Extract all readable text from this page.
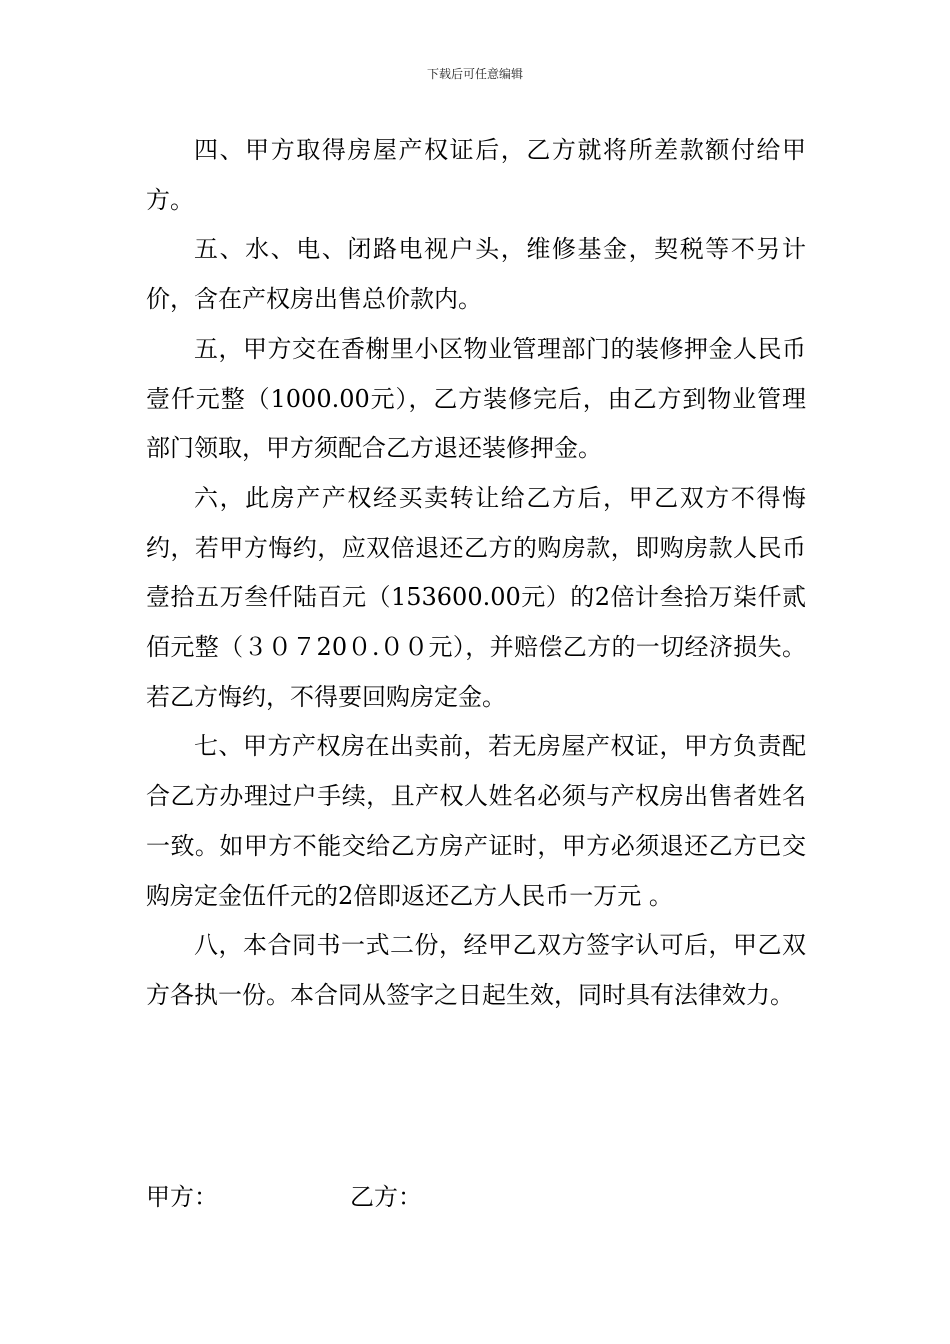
下载后可任意编辑

四、甲方取得房屋产权证后，乙方就将所差款额付给甲方。

五、水、电、闭路电视户头，维修基金，契税等不另计价，含在产权房出售总价款内。

五，甲方交在香榭里小区物业管理部门的装修押金人民币壹仟元整（1000.00元），乙方装修完后，由乙方到物业管理部门领取，甲方须配合乙方退还装修押金。

六，此房产产权经买卖转让给乙方后，甲乙双方不得悔约，若甲方悔约，应双倍退还乙方的购房款，即购房款人民币壹拾五万叁仟陆百元（153600.00元）的2倍计叁拾万柒仟贰佰元整（３０７20０.００元），并赔偿乙方的一切经济损失。若乙方悔约，不得要回购房定金。

七、甲方产权房在出卖前，若无房屋产权证，甲方负责配合乙方办理过户手续，且产权人姓名必须与产权房出售者姓名一致。如甲方不能交给乙方房产证时，甲方必须退还乙方已交购房定金伍仟元的2倍即返还乙方人民币一万元 。

八，本合同书一式二份，经甲乙双方签字认可后，甲乙双方各执一份。本合同从签字之日起生效，同时具有法律效力。

甲方：	乙方：
